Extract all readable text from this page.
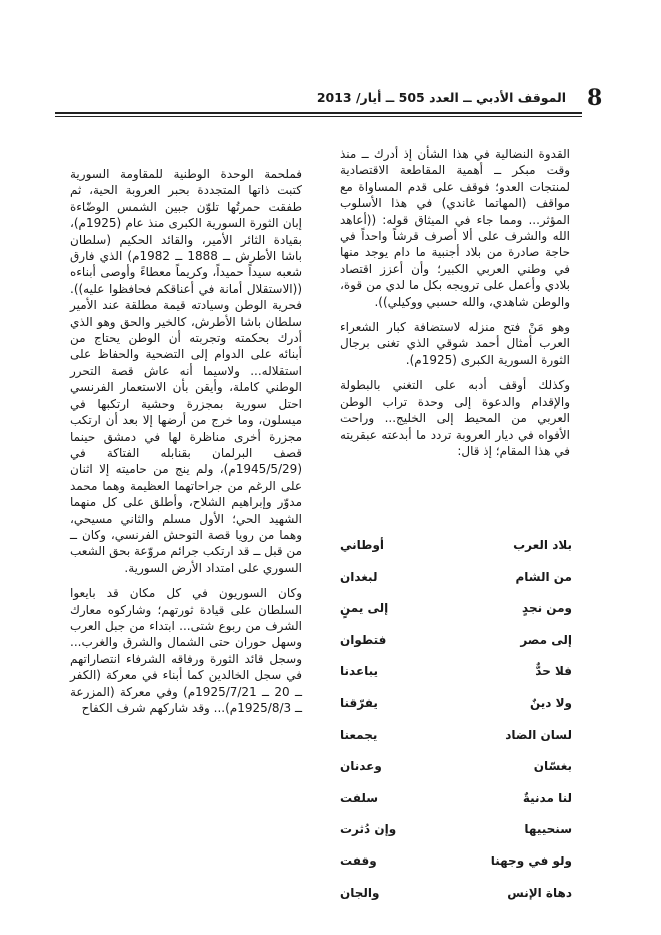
8
الموقف الأدبي ــ العدد 505 ــ أيار/ 2013

القدوة النضالية في هذا الشأن إذ أدرك ــ منذ وقت مبكر ــ أهمية المقاطعة الاقتصادية لمنتجات العدو؛ فوقف على قدم المساواة مع مواقف (المهاتما غاندي) في هذا الأسلوب المؤثر... ومما جاء في الميثاق قوله: ((أعاهد الله والشرف على ألا أصرف قرشاً واحداً في حاجة صادرة من بلاد أجنبية ما دام يوجد منها في وطني العربي الكبير؛ وأن أعزز اقتصاد بلادي وأعمل على ترويجه بكل ما لدي من قوة، والوطن شاهدي، والله حسبي ووكيلي)).

وهو مَنْ فتح منزله لاستضافة كبار الشعراء العرب أمثال أحمد شوقي الذي تغنى برجال الثورة السورية الكبرى (1925م).

وكذلك أوقف أدبه على التغني بالبطولة والإقدام والدعوة إلى وحدة تراب الوطن العربي من المحيط إلى الخليج... وراحت الأفواه في ديار العروبة تردد ما أبدعته عبقريته في هذا المقام؛ إذ قال:

بلاد العرب
أوطاني
من الشام
لبغدان
ومن نجدٍ
إلى يمنٍ
إلى مصر
فتطوان
فلا حدٌّ
يباعدنا
ولا دينٌ
يفرّقنا
لسان الضاد
يجمعنا
بغسّان
وعدنان
لنا مدنيةٌ
سلفت
سنحييها
وإن دُثرت
ولو في وجهنا
وقفت
دهاة الإنس
والجان

فملحمة الوحدة الوطنية للمقاومة السورية كتبت ذاتها المتجددة بحبر العروبة الحية، ثم طفقت حمرتُها تلوّن جبين الشمس الوضّاءة إبان الثورة السورية الكبرى منذ عام (1925م)، بقيادة الثائر الأمير، والقائد الحكيم (سلطان باشا الأطرش ــ 1888 ــ 1982م) الذي فارق شعبه سيداً حميداً، وكريماً معطاءً وأوصى أبناءه ((الاستقلال أمانة في أعناقكم فحافظوا عليه)). فحرية الوطن وسيادته قيمة مطلقة عند الأمير سلطان باشا الأطرش، كالخير والحق وهو الذي أدرك بحكمته وتجربته أن الوطن يحتاج من أبنائه على الدوام إلى التضحية والحفاظ على استقلاله... ولاسيما أنه عاش قصة التحرر الوطني كاملة، وأيقن بأن الاستعمار الفرنسي احتل سورية بمجزرة وحشية ارتكبها في ميسلون، وما خرج من أرضها إلا بعد أن ارتكب مجزرة أخرى مناظرة لها في دمشق حينما قصف البرلمان بقنابله الفتاكة في (1945/5/29م)، ولم ينج من حاميته إلا اثنان على الرغم من جراحاتهما العظيمة وهما محمد مدوّر وإبراهيم الشلاح، وأطلق على كل منهما الشهيد الحي؛ الأول مسلم والثاني مسيحي، وهما من رويا قصة التوحش الفرنسي، وكان ــ من قبل ــ قد ارتكب جرائم مروّعة بحق الشعب السوري على امتداد الأرض السورية.

وكان السوريون في كل مكان قد بايعوا السلطان على قيادة ثورتهم؛ وشاركوه معارك الشرف من ربوع شتى... ابتداء من جبل العرب وسهل حوران حتى الشمال والشرق والغرب... وسجل قائد الثورة ورفاقه الشرفاء انتصاراتهم في سجل الخالدين كما أبناء في معركة (الكفر ــ 20 ــ 1925/7/21م) وفي معركة (المزرعة ــ 1925/8/3م)... وقد شاركهم شرف الكفاح
